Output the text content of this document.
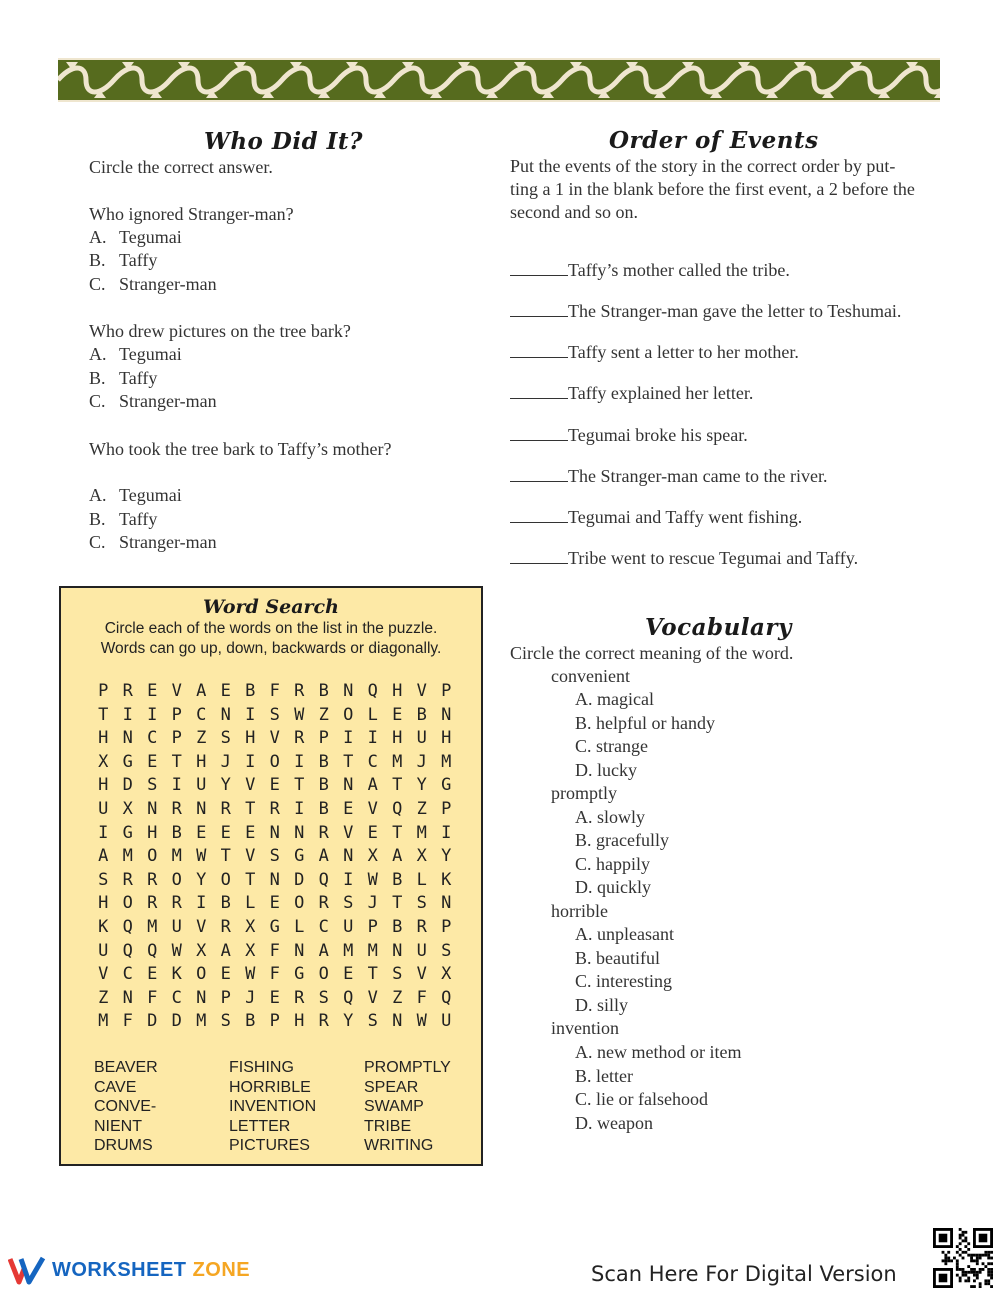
Who Did It?
Circle the correct answer.
Who ignored Stranger-man?
A. Tegumai
B. Taffy
C. Stranger-man
Who drew pictures on the tree bark?
A. Tegumai
B. Taffy
C. Stranger-man
Who took the tree bark to Taffy’s mother?
A. Tegumai
B. Taffy
C. Stranger-man
Order of Events
Put the events of the story in the correct order by put-
ting a 1 in the blank before the first event, a 2 before the
second and so on.
Taffy’s mother called the tribe.
The Stranger-man gave the letter to Teshumai.
Taffy sent a letter to her mother.
Taffy explained her letter.
Tegumai broke his spear.
The Stranger-man came to the river.
Tegumai and Taffy went fishing.
Tribe went to rescue Tegumai and Taffy.
Word Search
Circle each of the words on the list in the puzzle.
Words can go up, down, backwards or diagonally.
P R E V A E B F R B N Q H V P
T I I P C N I S W Z O L E B N
H N C P Z S H V R P I I H U H
X G E T H J I O I B T C M J M
H D S I U Y V E T B N A T Y G
U X N R N R T R I B E V Q Z P
I G H B E E E N N R V E T M I
A M O M W T V S G A N X A X Y
S R R O Y O T N D Q I W B L K
H O R R I B L E O R S J T S N
K Q M U V R X G L C U P B R P
U Q Q W X A X F N A M M N U S
V C E K O E W F G O E T S V X
Z N F C N P J E R S Q V Z F Q
M F D D M S B P H R Y S N W U
BEAVER
CAVE
CONVE-
NIENT
DRUMS
FISHING
HORRIBLE
INVENTION
LETTER
PICTURES
PROMPTLY
SPEAR
SWAMP
TRIBE
WRITING
Vocabulary
Circle the correct meaning of the word.
convenient
A. magical
B. helpful or handy
C. strange
D. lucky
promptly
A. slowly
B. gracefully
C. happily
D. quickly
horrible
A. unpleasant
B. beautiful
C. interesting
D. silly
invention
A. new method or item
B. letter
C. lie or falsehood
D. weapon
WORKSHEET ZONE	Scan Here For Digital Version
